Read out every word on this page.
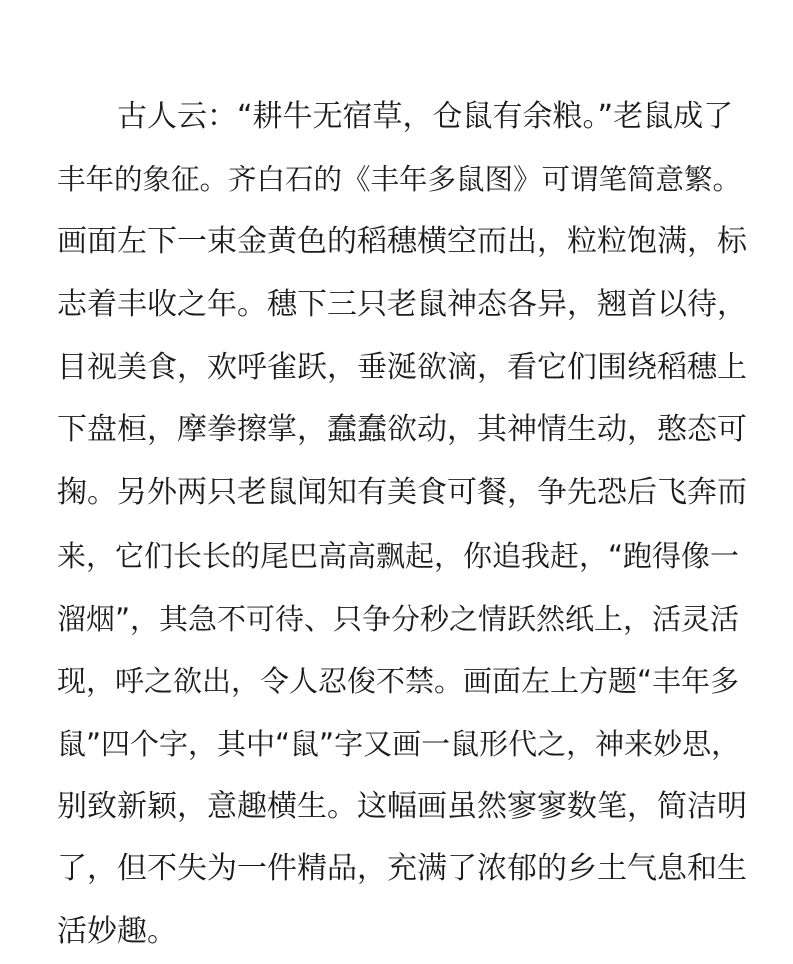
古人云：“耕牛无宿草，仓鼠有余粮。”老鼠成了
丰年的象征。齐白石的《丰年多鼠图》可谓笔简意繁。
画面左下一束金黄色的稻穗横空而出，粒粒饱满，标
志着丰收之年。穗下三只老鼠神态各异，翘首以待，
目视美食，欢呼雀跃，垂涎欲滴，看它们围绕稻穗上
下盘桓，摩拳擦掌，蠢蠢欲动，其神情生动，憨态可
掬。另外两只老鼠闻知有美食可餐，争先恐后飞奔而
来，它们长长的尾巴高高飘起，你追我赶，“跑得像一
溜烟”，其急不可待、只争分秒之情跃然纸上，活灵活
现，呼之欲出，令人忍俊不禁。画面左上方题“丰年多
鼠”四个字，其中“鼠”字又画一鼠形代之，神来妙思，
别致新颖，意趣横生。这幅画虽然寥寥数笔，简洁明
了，但不失为一件精品，充满了浓郁的乡土气息和生
活妙趣。
